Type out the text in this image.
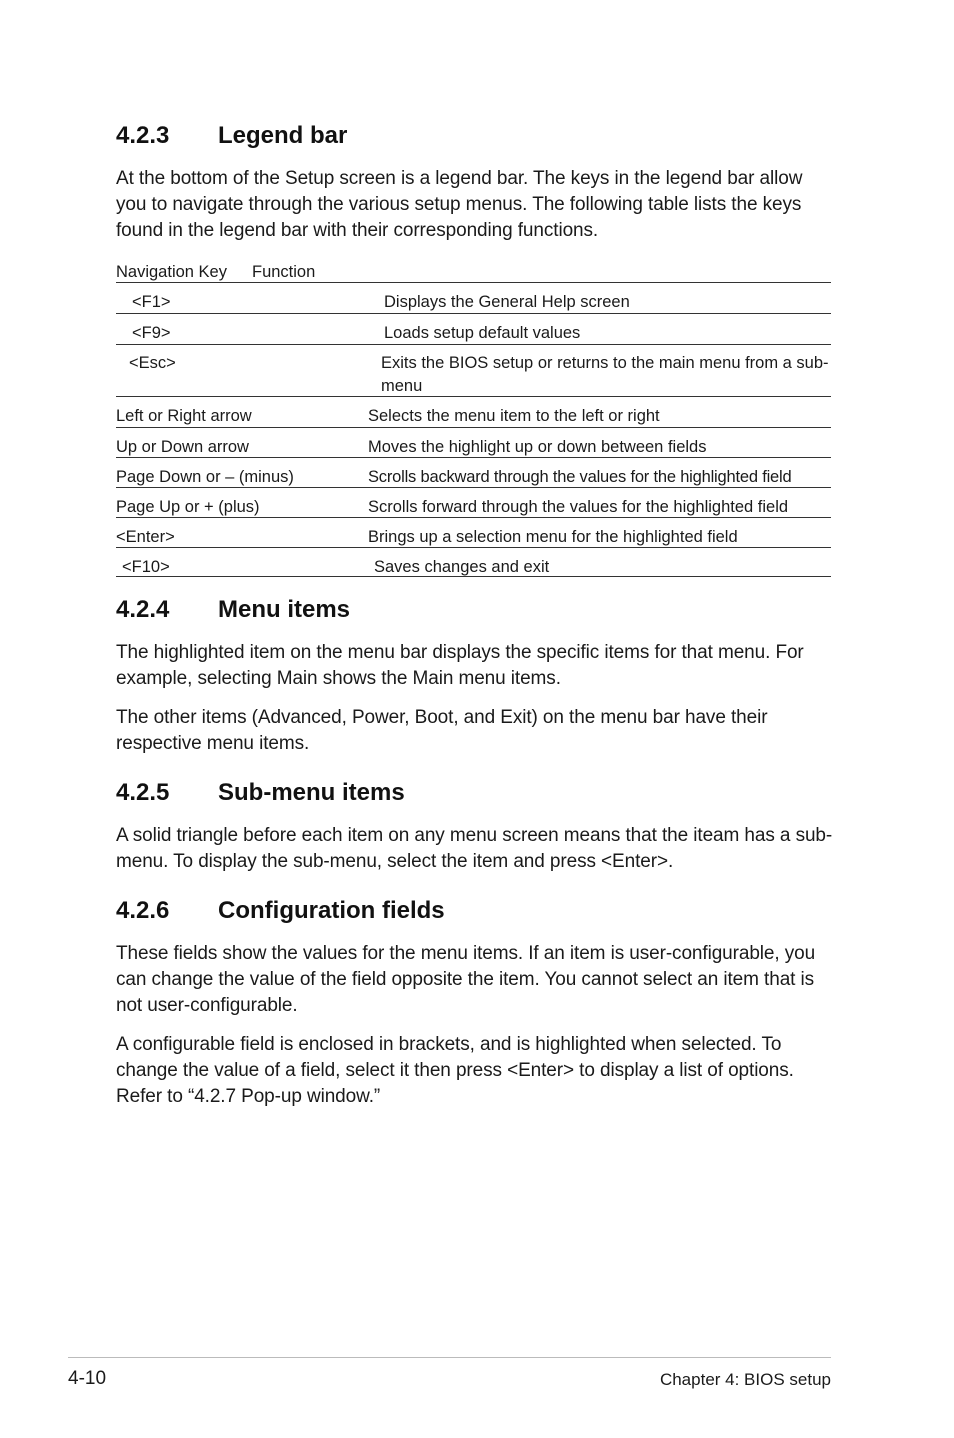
4.2.3 Legend bar

At the bottom of the Setup screen is a legend bar. The keys in the legend bar allow you to navigate through the various setup menus. The following table lists the keys found in the legend bar with their corresponding functions.

Navigation Key Function
<F1>	Displays the General Help screen
<F9>	Loads setup default values
<Esc>	Exits the BIOS setup or returns to the main menu from a sub-menu
Left or Right arrow	Selects the menu item to the left or right
Up or Down arrow	Moves the highlight up or down between fields
Page Down or – (minus)	Scrolls backward through the values for the highlighted field
Page Up or + (plus)	Scrolls forward through the values for the highlighted field
<Enter>	Brings up a selection menu for the highlighted field
<F10>	Saves changes and exit
4.2.4 Menu items

The highlighted item on the menu bar displays the specific items for that menu. For example, selecting Main shows the Main menu items.

The other items (Advanced, Power, Boot, and Exit) on the menu bar have their respective menu items.

4.2.5 Sub-menu items

A solid triangle before each item on any menu screen means that the iteam has a sub-menu. To display the sub-menu, select the item and press <Enter>.

4.2.6 Configuration fields

These fields show the values for the menu items. If an item is user-configurable, you can change the value of the field opposite the item. You cannot select an item that is not user-configurable.

A configurable field is enclosed in brackets, and is highlighted when selected. To change the value of a field, select it then press <Enter> to display a list of options. Refer to “4.2.7 Pop-up window.”

4-10	Chapter 4: BIOS setup
